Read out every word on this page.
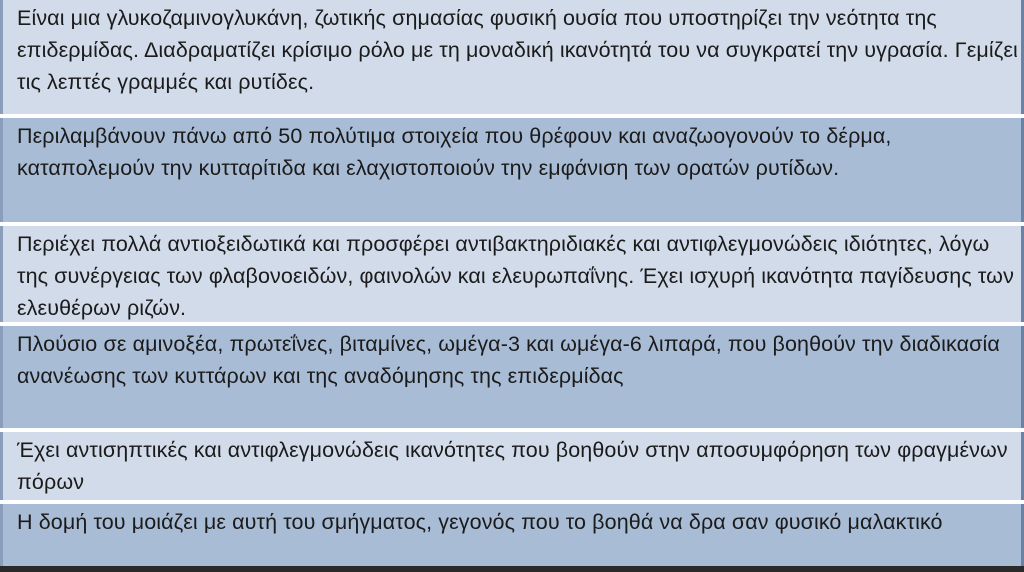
Είναι μια γλυκοζαμινογλυκάνη, ζωτικής σημασίας φυσική ουσία που υποστηρίζει την νεότητα της επιδερμίδας. Διαδραματίζει κρίσιμο ρόλο με τη μοναδική ικανότητά του να συγκρατεί την υγρασία. Γεμίζει τις λεπτές γραμμές και ρυτίδες.
Περιλαμβάνουν πάνω από 50 πολύτιμα στοιχεία που θρέφουν και αναζωογονούν το δέρμα, καταπολεμούν την κυτταρίτιδα και ελαχιστοποιούν την εμφάνιση των ορατών ρυτίδων.
Περιέχει πολλά αντιοξειδωτικά και προσφέρει αντιβακτηριδιακές και αντιφλεγμονώδεις ιδιότητες, λόγω της συνέργειας των φλαβονοειδών, φαινολών και ελευρωπαΐνης. Έχει ισχυρή ικανότητα παγίδευσης των ελευθέρων ριζών.
Πλούσιο σε αμινοξέα, πρωτεΐνες, βιταμίνες, ωμέγα-3 και ωμέγα-6 λιπαρά, που βοηθούν την διαδικασία ανανέωσης των κυττάρων και της αναδόμησης της επιδερμίδας
Έχει αντισηπτικές και αντιφλεγμονώδεις ικανότητες που βοηθούν στην αποσυμφόρηση των φραγμένων πόρων
Η δομή του μοιάζει με αυτή του σμήγματος, γεγονός που το βοηθά να δρα σαν φυσικό μαλακτικό
